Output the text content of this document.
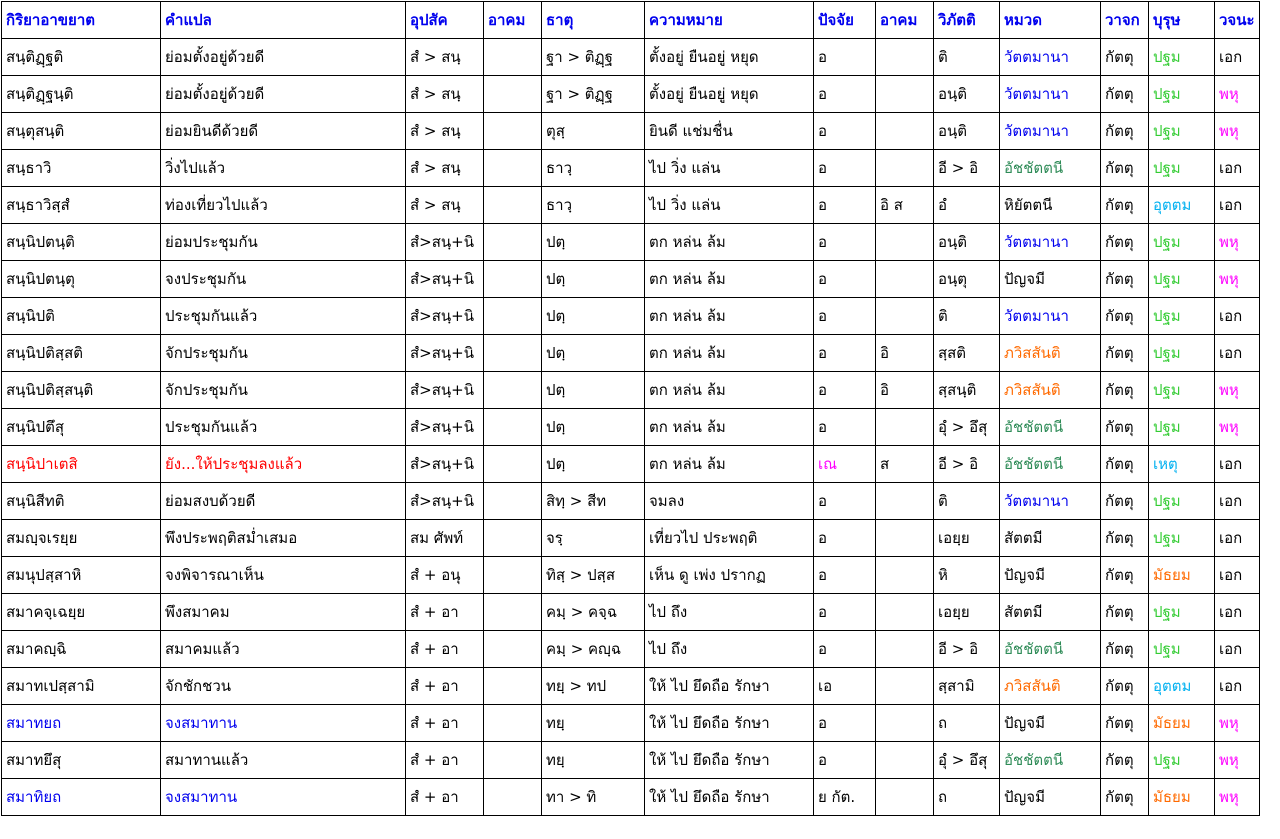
กิริยาอาขยาต	คำแปล	อุปสัค	อาคม	ธาตุ	ความหมาย	ปัจจัย	อาคม	วิภัตติ	หมวด	วาจก	บุรุษ	วจนะ
สนฺติฏฺฐติ	ย่อมตั้งอยู่ด้วยดี	สํ > สนฺ		ฐา > ติฏฺฐ	ตั้งอยู่ ยืนอยู่ หยุด	อ		ติ	วัตตมานา	กัตตุ	ปฐม	เอก
สนฺติฏฺฐนฺติ	ย่อมตั้งอยู่ด้วยดี	สํ > สนฺ		ฐา > ติฏฺฐ	ตั้งอยู่ ยืนอยู่ หยุด	อ		อนฺติ	วัตตมานา	กัตตุ	ปฐม	พหุ
สนฺตุสนฺติ	ย่อมยินดีด้วยดี	สํ > สนฺ		ตุสฺ	ยินดี แช่มชื่น	อ		อนฺติ	วัตตมานา	กัตตุ	ปฐม	พหุ
สนฺธาวิ	วิ่งไปแล้ว	สํ > สนฺ		ธาวฺ	ไป วิ่ง แล่น	อ		อี > อิ	อัชชัตตนี	กัตตุ	ปฐม	เอก
สนฺธาวิสฺสํ	ท่องเที่ยวไปแล้ว	สํ > สนฺ		ธาวฺ	ไป วิ่ง แล่น	อ	อิ ส	อํ	หิยัตตนี	กัตตุ	อุตตม	เอก
สนฺนิปตนฺติ	ย่อมประชุมกัน	สํ>สนฺ+นิ		ปตฺ	ตก หล่น ล้ม	อ		อนฺติ	วัตตมานา	กัตตุ	ปฐม	พหุ
สนฺนิปตนฺตุ	จงประชุมกัน	สํ>สนฺ+นิ		ปตฺ	ตก หล่น ล้ม	อ		อนฺตุ	ปัญจมี	กัตตุ	ปฐม	พหุ
สนฺนิปติ	ประชุมกันแล้ว	สํ>สนฺ+นิ		ปตฺ	ตก หล่น ล้ม	อ		ติ	วัตตมานา	กัตตุ	ปฐม	เอก
สนฺนิปติสฺสติ	จักประชุมกัน	สํ>สนฺ+นิ		ปตฺ	ตก หล่น ล้ม	อ	อิ	สฺสติ	ภวิสสันติ	กัตตุ	ปฐม	เอก
สนฺนิปติสฺสนฺติ	จักประชุมกัน	สํ>สนฺ+นิ		ปตฺ	ตก หล่น ล้ม	อ	อิ	สฺสนฺติ	ภวิสสันติ	กัตตุ	ปฐม	พหุ
สนฺนิปตึสุ	ประชุมกันแล้ว	สํ>สนฺ+นิ		ปตฺ	ตก หล่น ล้ม	อ		อุํ > อึสุ	อัชชัตตนี	กัตตุ	ปฐม	พหุ
สนฺนิปาเตสิ	ยัง...ให้ประชุมลงแล้ว	สํ>สนฺ+นิ		ปตฺ	ตก หล่น ล้ม	เณ	ส	อี > อิ	อัชชัตตนี	กัตตุ	เหตุ	เอก
สนฺนิสีทติ	ย่อมสงบด้วยดี	สํ>สนฺ+นิ		สิทฺ > สีท	จมลง	อ		ติ	วัตตมานา	กัตตุ	ปฐม	เอก
สมญฺจเรยฺย	พึงประพฤติสม่ำเสมอ	สม ศัพท์		จรฺ	เที่ยวไป ประพฤติ	อ		เอยฺย	สัตตมี	กัตตุ	ปฐม	เอก
สมนุปสฺสาหิ	จงพิจารณาเห็น	สํ + อนุ		ทิสฺ > ปสฺส	เห็น ดู เพ่ง ปรากฏ	อ		หิ	ปัญจมี	กัตตุ	มัธยม	เอก
สมาคจฺเฉยฺย	พึงสมาคม	สํ + อา		คมฺ > คจฺฉ	ไป ถึง	อ		เอยฺย	สัตตมี	กัตตุ	ปฐม	เอก
สมาคญฺฉิ	สมาคมแล้ว	สํ + อา		คมฺ > คญฺฉ	ไป ถึง	อ		อี > อิ	อัชชัตตนี	กัตตุ	ปฐม	เอก
สมาทเปสฺสามิ	จักชักชวน	สํ + อา		ทยฺ > ทป	ให้ ไป ยึดถือ รักษา	เอ		สฺสามิ	ภวิสสันติ	กัตตุ	อุตตม	เอก
สมาทยถ	จงสมาทาน	สํ + อา		ทยฺ	ให้ ไป ยึดถือ รักษา	อ		ถ	ปัญจมี	กัตตุ	มัธยม	พหุ
สมาทยึสุ	สมาทานแล้ว	สํ + อา		ทยฺ	ให้ ไป ยึดถือ รักษา	อ		อุํ > อึสุ	อัชชัตตนี	กัตตุ	ปฐม	พหุ
สมาทิยถ	จงสมาทาน	สํ + อา		ทา > ทิ	ให้ ไป ยึดถือ รักษา	ย กัต.		ถ	ปัญจมี	กัตตุ	มัธยม	พหุ
